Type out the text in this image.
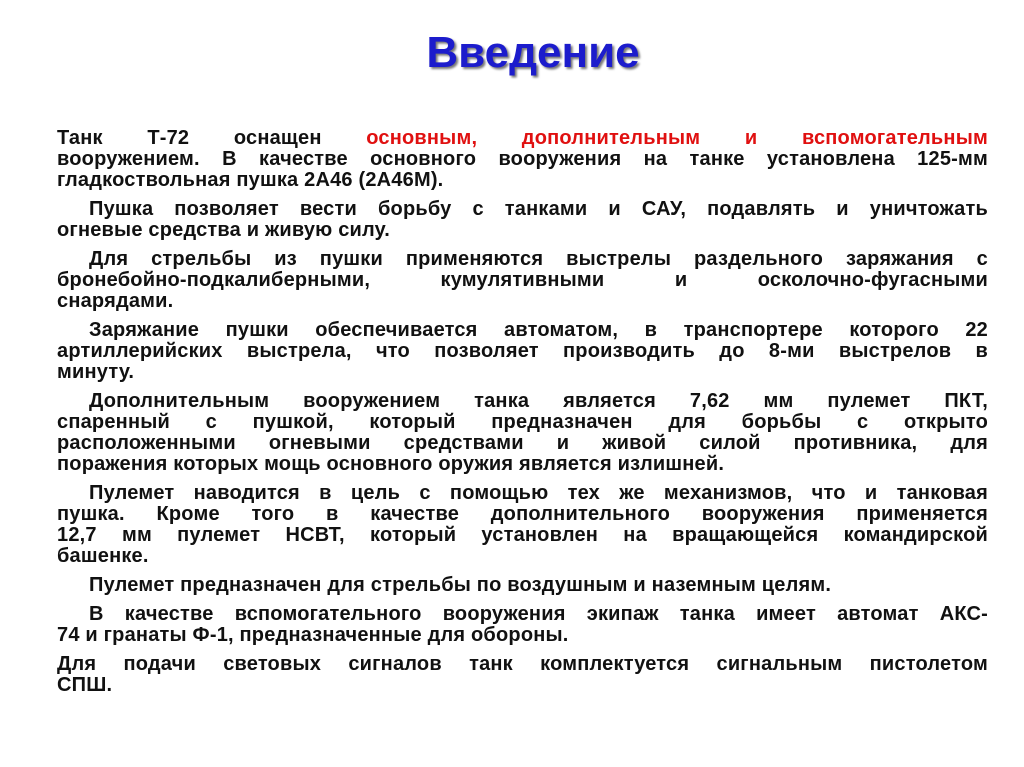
Введение
Танк Т-72 оснащен основным, дополнительным и вспомогательным
вооружением. В качестве основного вооружения на танке установлена 125-мм
гладкоствольная пушка 2А46 (2А46М).
Пушка позволяет вести борьбу с танками и САУ, подавлять и уничтожать
огневые средства и живую силу.
Для стрельбы из пушки применяются выстрелы раздельного заряжания с
бронебойно-подкалиберными, кумулятивными и осколочно-фугасными
снарядами.
Заряжание пушки обеспечивается автоматом, в транспортере которого 22
артиллерийских выстрела, что позволяет производить до 8-ми выстрелов в
минуту.
Дополнительным вооружением танка является 7,62 мм пулемет ПКТ,
спаренный с пушкой, который предназначен для борьбы с открыто
расположенными огневыми средствами и живой силой противника, для
поражения которых мощь основного оружия является излишней.
Пулемет наводится в цель с помощью тех же механизмов, что и танковая
пушка. Кроме того в качестве дополнительного вооружения применяется
12,7 мм пулемет НСВТ, который установлен на вращающейся командирской
башенке.
Пулемет предназначен для стрельбы по воздушным и наземным целям.
В качестве вспомогательного вооружения экипаж танка имеет автомат АКС-
74 и гранаты Ф-1, предназначенные для обороны.
Для подачи световых сигналов танк комплектуется сигнальным пистолетом
СПШ.
